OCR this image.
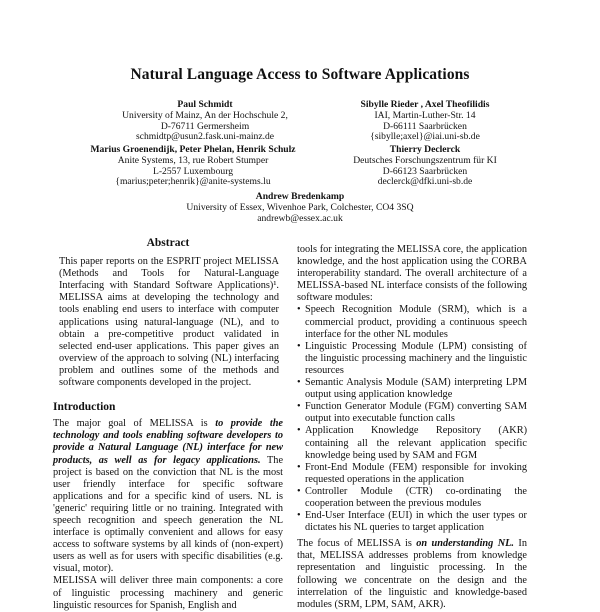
Natural Language Access to Software Applications
Paul Schmidt
University of Mainz, An der Hochschule 2,
D-76711 Germersheim
schmidtp@usun2.fask.uni-mainz.de
Sibylle Rieder , Axel Theofilidis
IAI, Martin-Luther-Str. 14
D-66111 Saarbrücken
{sibylle;axel}@iai.uni-sb.de
Marius Groenendijk, Peter Phelan, Henrik Schulz
Anite Systems, 13, rue Robert Stumper
L-2557 Luxembourg
{marius;peter;henrik}@anite-systems.lu
Thierry Declerck
Deutsches Forschungszentrum für KI
D-66123 Saarbrücken
declerck@dfki.uni-sb.de
Andrew Bredenkamp
University of Essex, Wivenhoe Park, Colchester, CO4 3SQ
andrewb@essex.ac.uk
Abstract
This paper reports on the ESPRIT project MELISSA (Methods and Tools for Natural-Language Interfacing with Standard Software Applications)¹. MELISSA aims at developing the technology and tools enabling end users to interface with computer applications using natural-language (NL), and to obtain a pre-competitive product validated in selected end-user applications. This paper gives an overview of the approach to solving (NL) interfacing problem and outlines some of the methods and software components developed in the project.
Introduction
The major goal of MELISSA is to provide the technology and tools enabling software developers to provide a Natural Language (NL) interface for new products, as well as for legacy applications. The project is based on the conviction that NL is the most user friendly interface for specific software applications and for a specific kind of users. NL is 'generic' requiring little or no training. Integrated with speech recognition and speech generation the NL interface is optimally convenient and allows for easy access to software systems by all kinds of (non-expert) users as well as for users with specific disabilities (e.g. visual, motor).
MELISSA will deliver three main components: a core of linguistic processing machinery and generic linguistic resources for Spanish, English and
tools for integrating the MELISSA core, the application knowledge, and the host application using the CORBA interoperability standard. The overall architecture of a MELISSA-based NL interface consists of the following software modules:
• Speech Recognition Module (SRM), which is a commercial product, providing a continuous speech interface for the other NL modules
• Linguistic Processing Module (LPM) consisting of the linguistic processing machinery and the linguistic resources
• Semantic Analysis Module (SAM) interpreting LPM output using application knowledge
• Function Generator Module (FGM) converting SAM output into executable function calls
• Application Knowledge Repository (AKR) containing all the relevant application specific knowledge being used by SAM and FGM
• Front-End Module (FEM) responsible for invoking requested operations in the application
• Controller Module (CTR) co-ordinating the cooperation between the previous modules
• End-User Interface (EUI) in which the user types or dictates his NL queries to target application
The focus of MELISSA is on understanding NL. In that, MELISSA addresses problems from knowledge representation and linguistic processing. In the following we concentrate on the design and the interrelation of the linguistic and knowledge-based modules (SRM, LPM, SAM, AKR).
